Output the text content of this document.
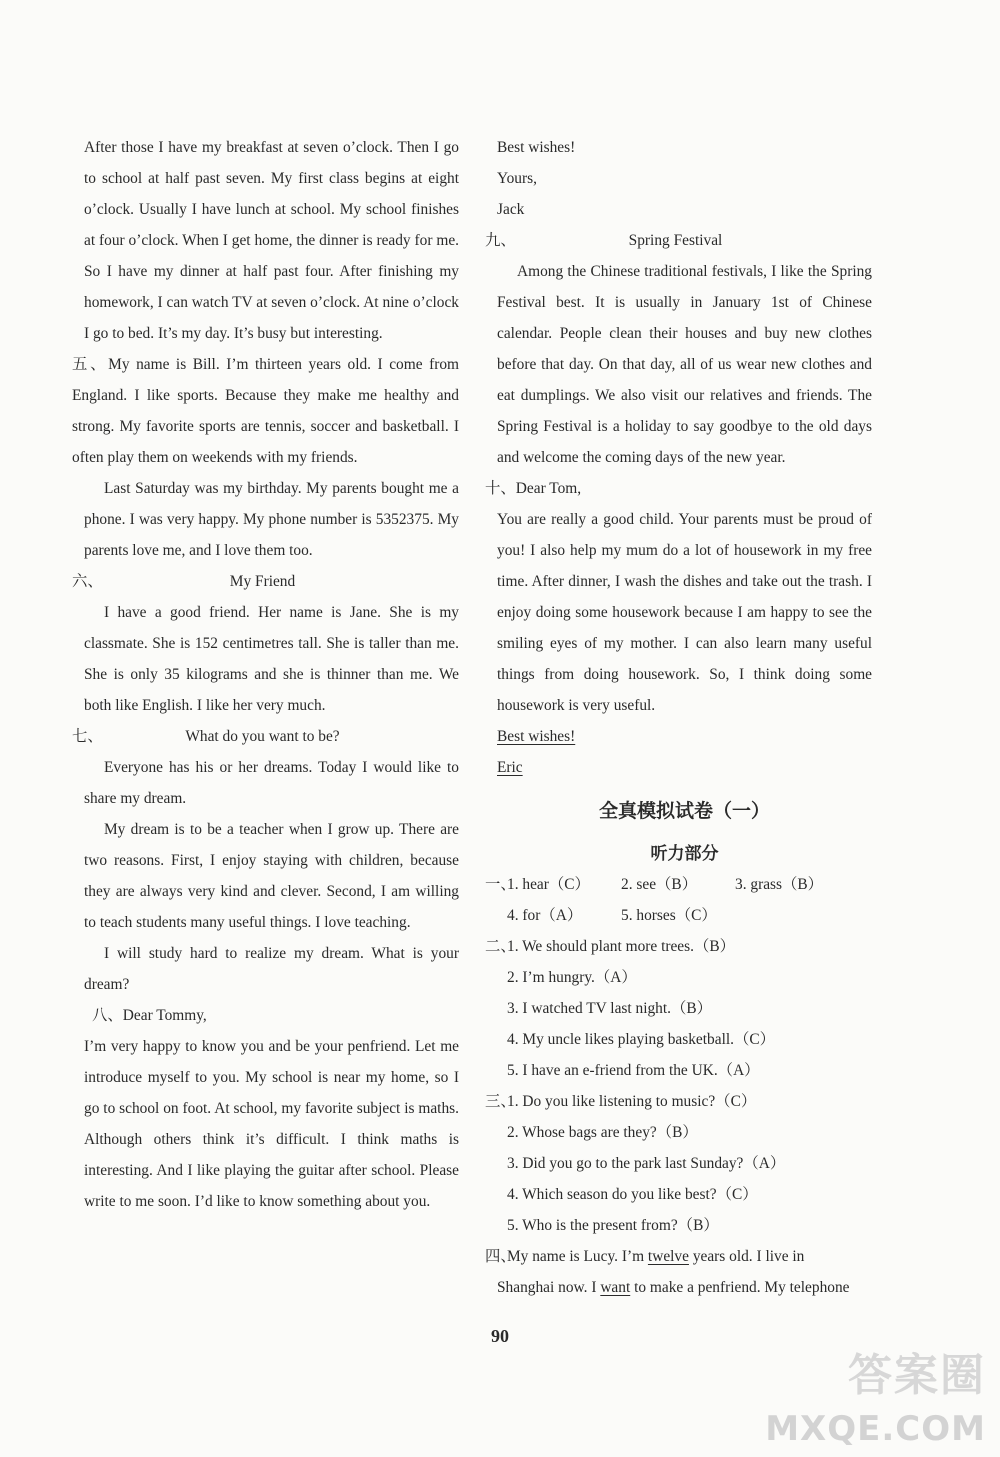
After those I have my breakfast at seven o’clock. Then I go to school at half past seven. My first class begins at eight o’clock. Usually I have lunch at school. My school finishes at four o’clock. When I get home, the dinner is ready for me. So I have my dinner at half past four. After finishing my homework, I can watch TV at seven o’clock. At nine o’clock I go to bed. It’s my day. It’s busy but interesting.

五、My name is Bill. I’m thirteen years old. I come from England. I like sports. Because they make me healthy and strong. My favorite sports are tennis, soccer and basketball. I often play them on weekends with my friends.

Last Saturday was my birthday. My parents bought me a phone. I was very happy. My phone number is 5352375. My parents love me, and I love them too.

六、	My Friend

I have a good friend. Her name is Jane. She is my classmate. She is 152 centimetres tall. She is taller than me. She is only 35 kilograms and she is thinner than me. We both like English. I like her very much.

七、	What do you want to be?

Everyone has his or her dreams. Today I would like to share my dream.

My dream is to be a teacher when I grow up. There are two reasons. First, I enjoy staying with children, because they are always very kind and clever. Second, I am willing to teach students many useful things. I love teaching.

I will study hard to realize my dream. What is your dream?

八、Dear Tommy,

I’m very happy to know you and be your penfriend. Let me introduce myself to you. My school is near my home, so I go to school on foot. At school, my favorite subject is maths. Although others think it’s difficult. I think maths is interesting. And I like playing the guitar after school. Please write to me soon. I’d like to know something about you.

Best wishes!
Yours,
Jack
九、	Spring Festival

Among the Chinese traditional festivals, I like the Spring Festival best. It is usually in January 1st of Chinese calendar. People clean their houses and buy new clothes before that day. On that day, all of us wear new clothes and eat dumplings. We also visit our relatives and friends. The Spring Festival is a holiday to say goodbye to the old days and welcome the coming days of the new year.

十、Dear Tom,

You are really a good child. Your parents must be proud of you! I also help my mum do a lot of housework in my free time. After dinner, I wash the dishes and take out the trash. I enjoy doing some housework because I am happy to see the smiling eyes of my mother. I can also learn many useful things from doing housework. So, I think doing some housework is very useful.

Best wishes!
Eric
全真模拟试卷（一）
听力部分
一、
1. hear（C）	2. see（B）	3. grass（B）
4. for（A）	5. horses（C）
二、
1. We should plant more trees.（B）
2. I’m hungry.（A）
3. I watched TV last night.（B）
4. My uncle likes playing basketball.（C）
5. I have an e-friend from the UK.（A）
三、
1. Do you like listening to music?（C）
2. Whose bags are they?（B）
3. Did you go to the park last Sunday?（A）
4. Which season do you like best?（C）
5. Who is the present from?（B）
四、
My name is Lucy. I’m twelve years old. I live in
Shanghai now. I want to make a penfriend. My telephone
90
答案圈
MXQE.COM
